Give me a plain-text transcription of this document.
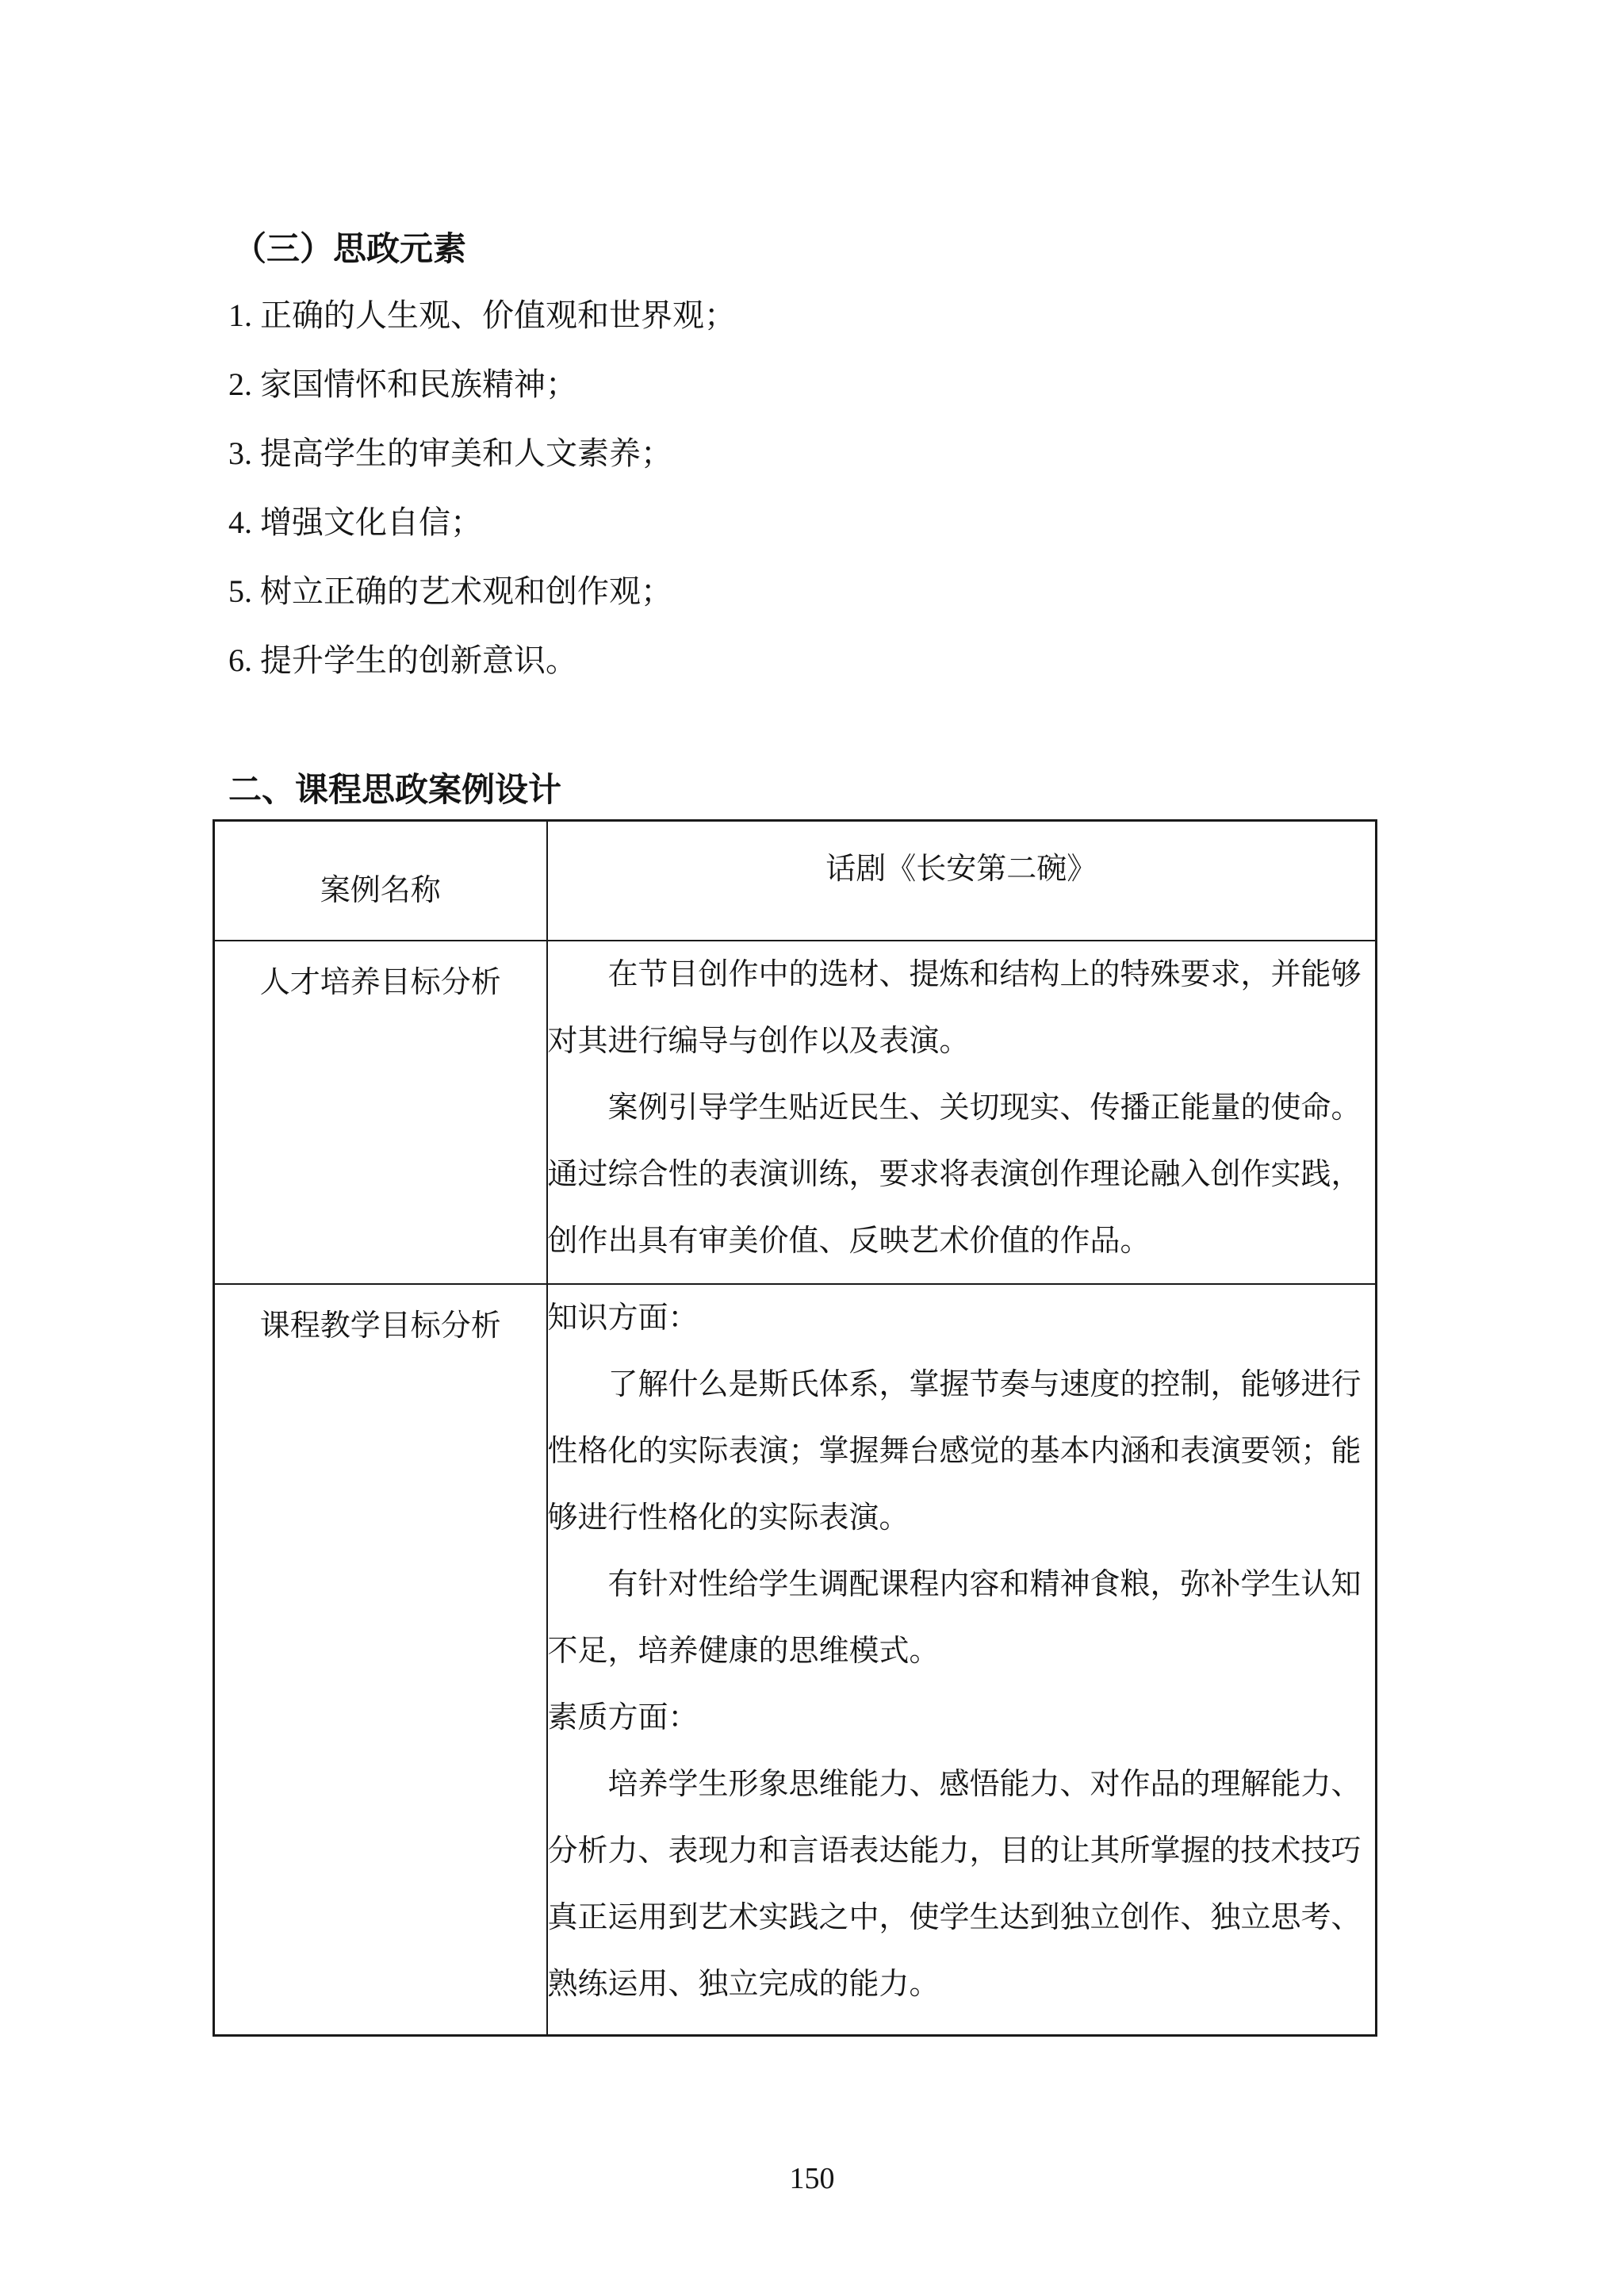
（三）思政元素

1. 正确的人生观、价值观和世界观；

2. 家国情怀和民族精神；

3. 提高学生的审美和人文素养；

4. 增强文化自信；

5. 树立正确的艺术观和创作观；

6. 提升学生的创新意识。

二、课程思政案例设计

案例名称	话剧《长安第二碗》

人才培养目标分析	在节目创作中的选材、提炼和结构上的特殊要求，并能够对其进行编导与创作以及表演。

案例引导学生贴近民生、关切现实、传播正能量的使命。通过综合性的表演训练，要求将表演创作理论融入创作实践，创作出具有审美价值、反映艺术价值的作品。

课程教学目标分析	知识方面：

了解什么是斯氏体系，掌握节奏与速度的控制，能够进行性格化的实际表演；掌握舞台感觉的基本内涵和表演要领；能够进行性格化的实际表演。

有针对性给学生调配课程内容和精神食粮，弥补学生认知不足，培养健康的思维模式。

素质方面：

培养学生形象思维能力、感悟能力、对作品的理解能力、分析力、表现力和言语表达能力，目的让其所掌握的技术技巧真正运用到艺术实践之中，使学生达到独立创作、独立思考、熟练运用、独立完成的能力。

150
